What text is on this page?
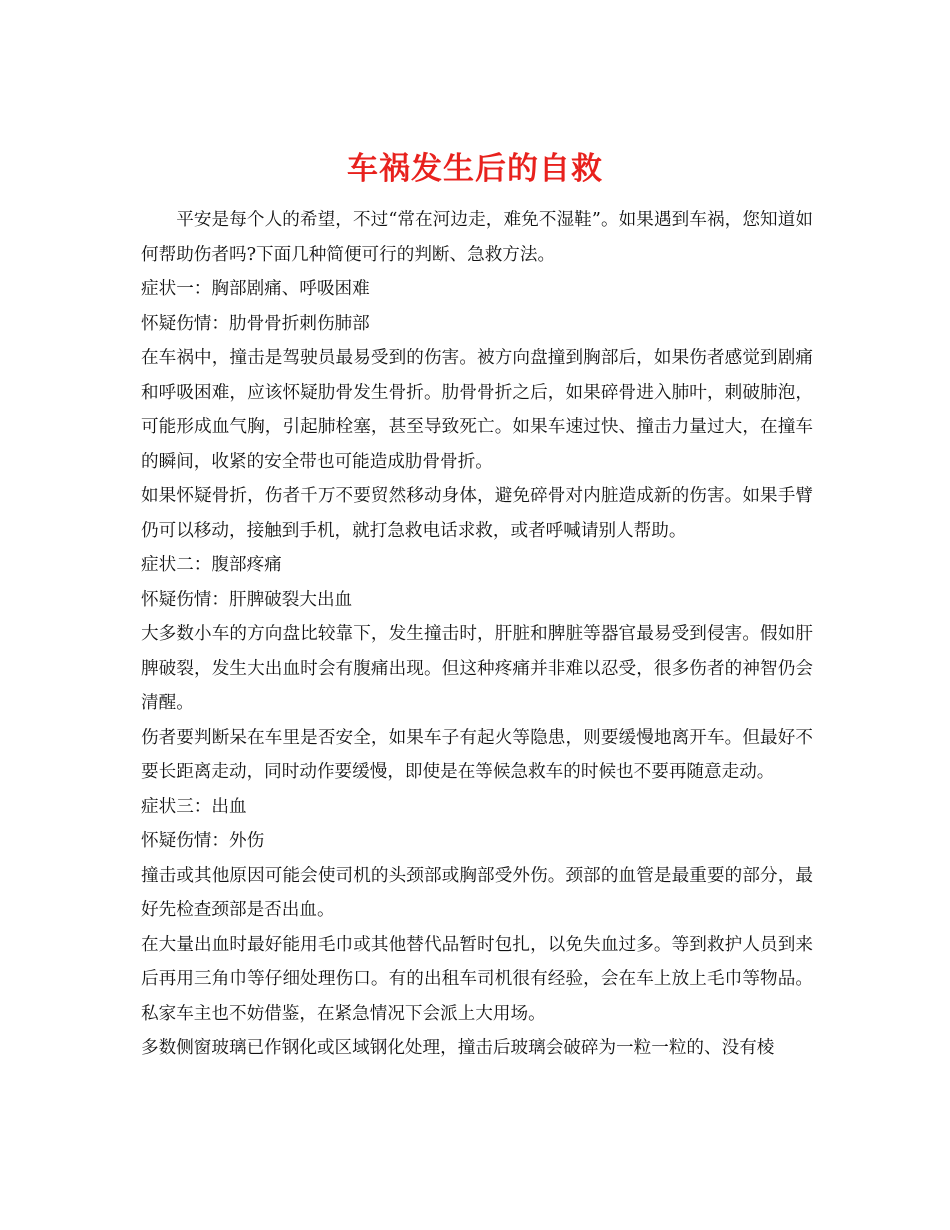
车祸发生后的自救

平安是每个人的希望，不过“常在河边走，难免不湿鞋”。如果遇到车祸，您知道如何帮助伤者吗?下面几种简便可行的判断、急救方法。

症状一：胸部剧痛、呼吸困难

怀疑伤情：肋骨骨折刺伤肺部

在车祸中，撞击是驾驶员最易受到的伤害。被方向盘撞到胸部后，如果伤者感觉到剧痛和呼吸困难，应该怀疑肋骨发生骨折。肋骨骨折之后，如果碎骨进入肺叶，刺破肺泡，可能形成血气胸，引起肺栓塞，甚至导致死亡。如果车速过快、撞击力量过大，在撞车的瞬间，收紧的安全带也可能造成肋骨骨折。

如果怀疑骨折，伤者千万不要贸然移动身体，避免碎骨对内脏造成新的伤害。如果手臂仍可以移动，接触到手机，就打急救电话求救，或者呼喊请别人帮助。

症状二：腹部疼痛

怀疑伤情：肝脾破裂大出血

大多数小车的方向盘比较靠下，发生撞击时，肝脏和脾脏等器官最易受到侵害。假如肝脾破裂，发生大出血时会有腹痛出现。但这种疼痛并非难以忍受，很多伤者的神智仍会清醒。

伤者要判断呆在车里是否安全，如果车子有起火等隐患，则要缓慢地离开车。但最好不要长距离走动，同时动作要缓慢，即使是在等候急救车的时候也不要再随意走动。

症状三：出血

怀疑伤情：外伤

撞击或其他原因可能会使司机的头颈部或胸部受外伤。颈部的血管是最重要的部分，最好先检查颈部是否出血。

在大量出血时最好能用毛巾或其他替代品暂时包扎，以免失血过多。等到救护人员到来后再用三角巾等仔细处理伤口。有的出租车司机很有经验，会在车上放上毛巾等物品。私家车主也不妨借鉴，在紧急情况下会派上大用场。

多数侧窗玻璃已作钢化或区域钢化处理，撞击后玻璃会破碎为一粒一粒的、没有棱
